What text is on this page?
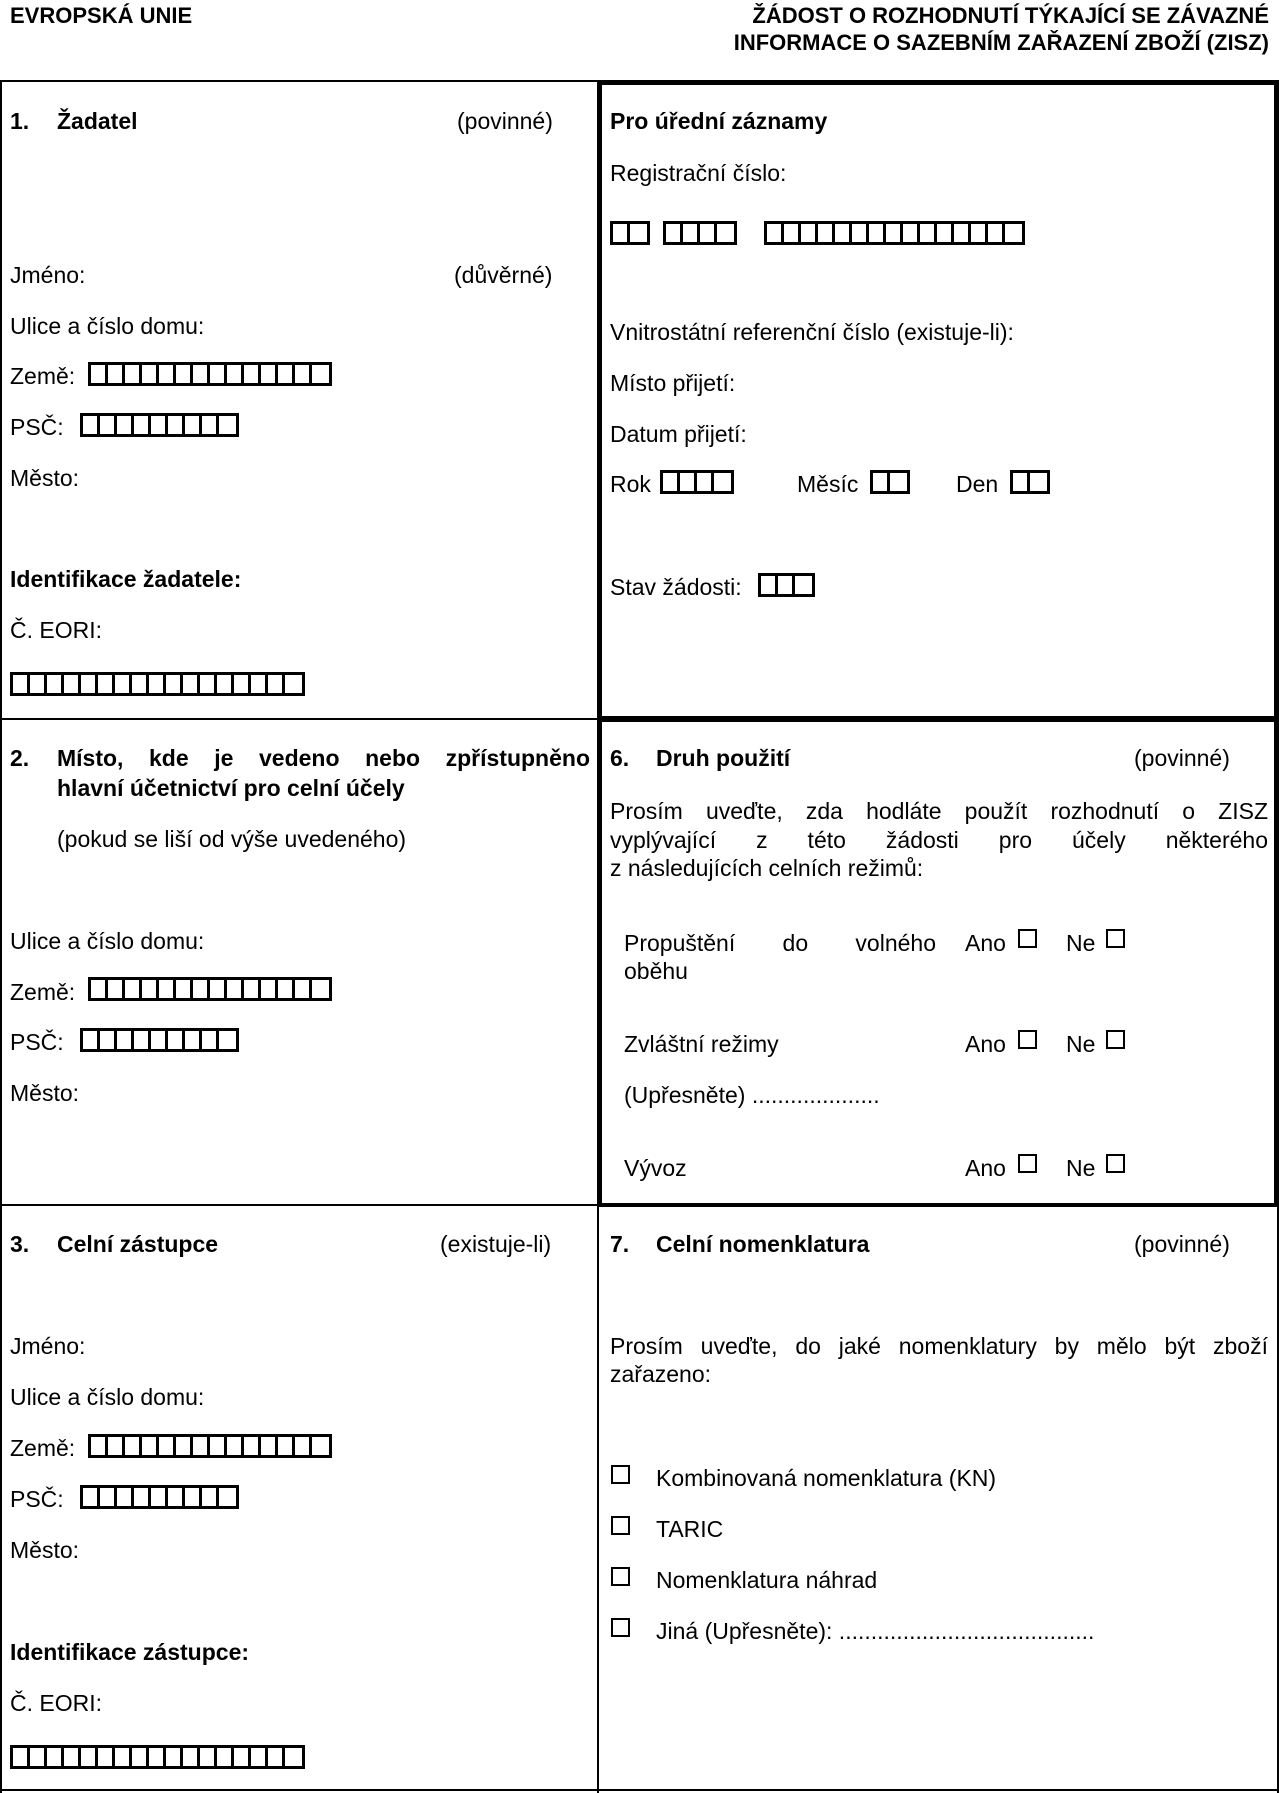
EVROPSKÁ UNIE	ŽÁDOST O ROZHODNUTÍ TÝKAJÍCÍ SE ZÁVAZNÉ
INFORMACE O SAZEBNÍM ZAŘAZENÍ ZBOŽÍ (ZISZ)
1. Žadatel	(povinné)
Jméno:	(důvěrné)
Ulice a číslo domu:
Země:
PSČ:
Město:
Identifikace žadatele:
Č. EORI:
Pro úřední záznamy
Registrační číslo:
Vnitrostátní referenční číslo (existuje-li):
Místo přijetí:
Datum přijetí:
Rok	Měsíc	Den
Stav žádosti:
2. Místo, kde je vedeno nebo zpřístupněno
hlavní účetnictví pro celní účely
(pokud se liší od výše uvedeného)
Ulice a číslo domu:
Země:
PSČ:
Město:
6. Druh použití	(povinné)
Prosím uveďte, zda hodláte použít rozhodnutí o ZISZ
vyplývající z této žádosti pro účely některého
z následujících celních režimů:
Propuštění do volného
oběhu
Ano	Ne
Zvláštní režimy	Ano	Ne
(Upřesněte) ....................
Vývoz	Ano	Ne
3. Celní zástupce	(existuje-li)
Jméno:
Ulice a číslo domu:
Země:
PSČ:
Město:
Identifikace zástupce:
Č. EORI:
7. Celní nomenklatura	(povinné)
Prosím uveďte, do jaké nomenklatury by mělo být zboží
zařazeno:
Kombinovaná nomenklatura (KN)
TARIC
Nomenklatura náhrad
Jiná (Upřesněte): ........................................
